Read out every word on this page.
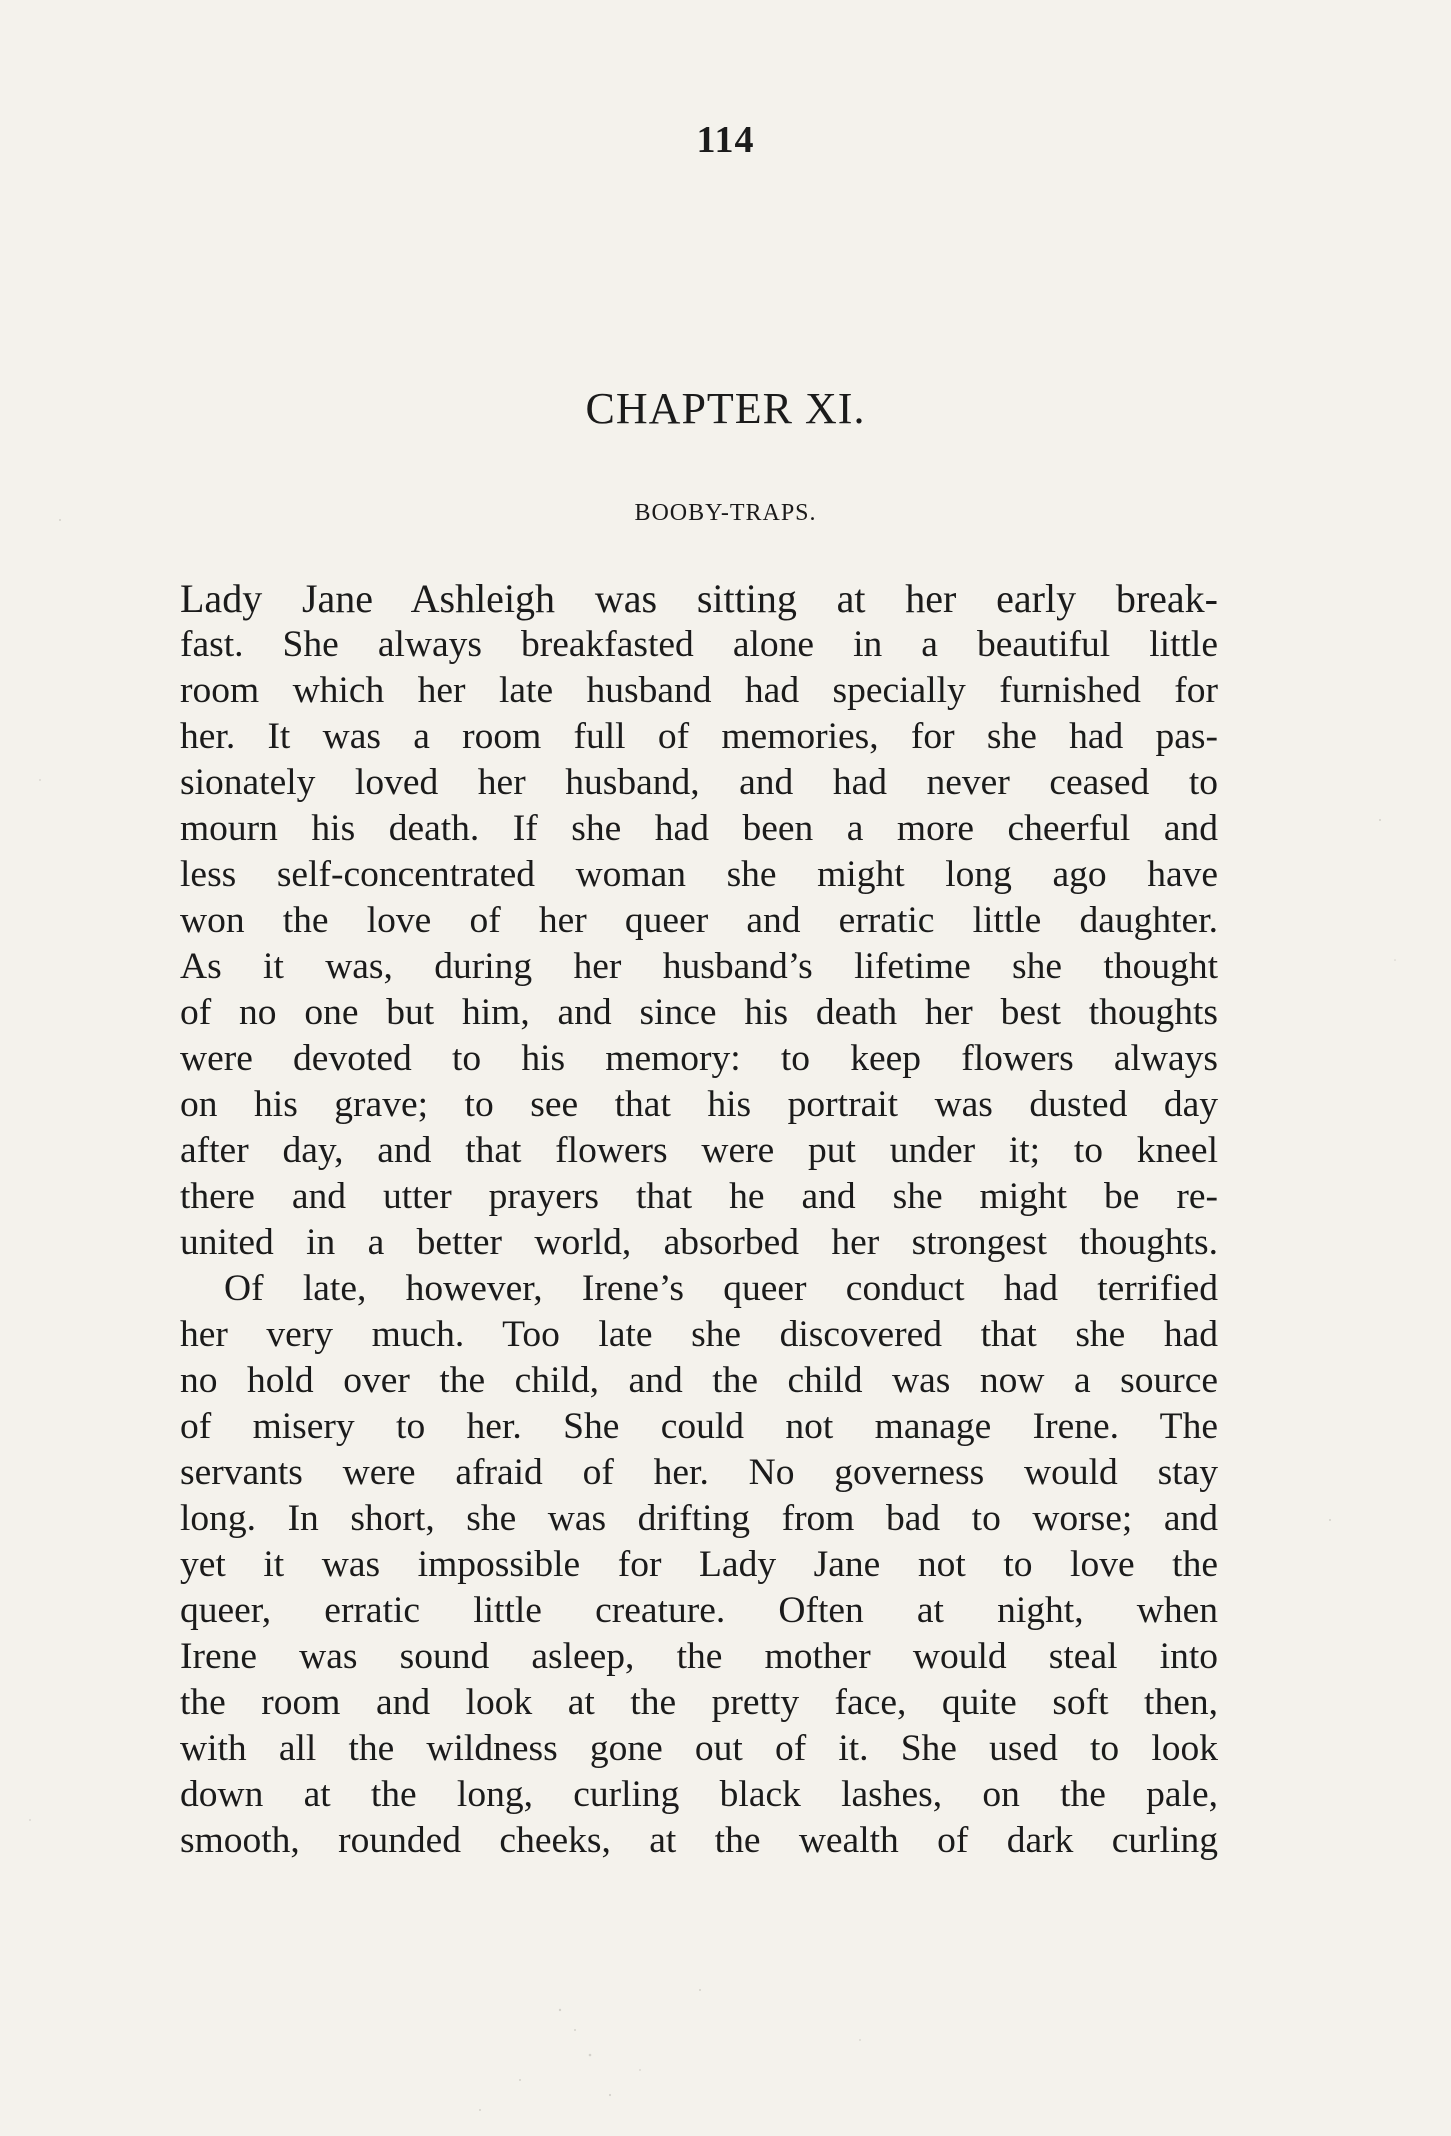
114
CHAPTER XI.
BOOBY-TRAPS.
Lady Jane Ashleigh was sitting at her early break-
fast. She always breakfasted alone in a beautiful little
room which her late husband had specially furnished for
her. It was a room full of memories, for she had pas-
sionately loved her husband, and had never ceased to
mourn his death. If she had been a more cheerful and
less self-concentrated woman she might long ago have
won the love of her queer and erratic little daughter.
As it was, during her husband’s lifetime she thought
of no one but him, and since his death her best thoughts
were devoted to his memory: to keep flowers always
on his grave; to see that his portrait was dusted day
after day, and that flowers were put under it; to kneel
there and utter prayers that he and she might be re-
united in a better world, absorbed her strongest thoughts.
Of late, however, Irene’s queer conduct had terrified
her very much. Too late she discovered that she had
no hold over the child, and the child was now a source
of misery to her. She could not manage Irene. The
servants were afraid of her. No governess would stay
long. In short, she was drifting from bad to worse; and
yet it was impossible for Lady Jane not to love the
queer, erratic little creature. Often at night, when
Irene was sound asleep, the mother would steal into
the room and look at the pretty face, quite soft then,
with all the wildness gone out of it. She used to look
down at the long, curling black lashes, on the pale,
smooth, rounded cheeks, at the wealth of dark curling
